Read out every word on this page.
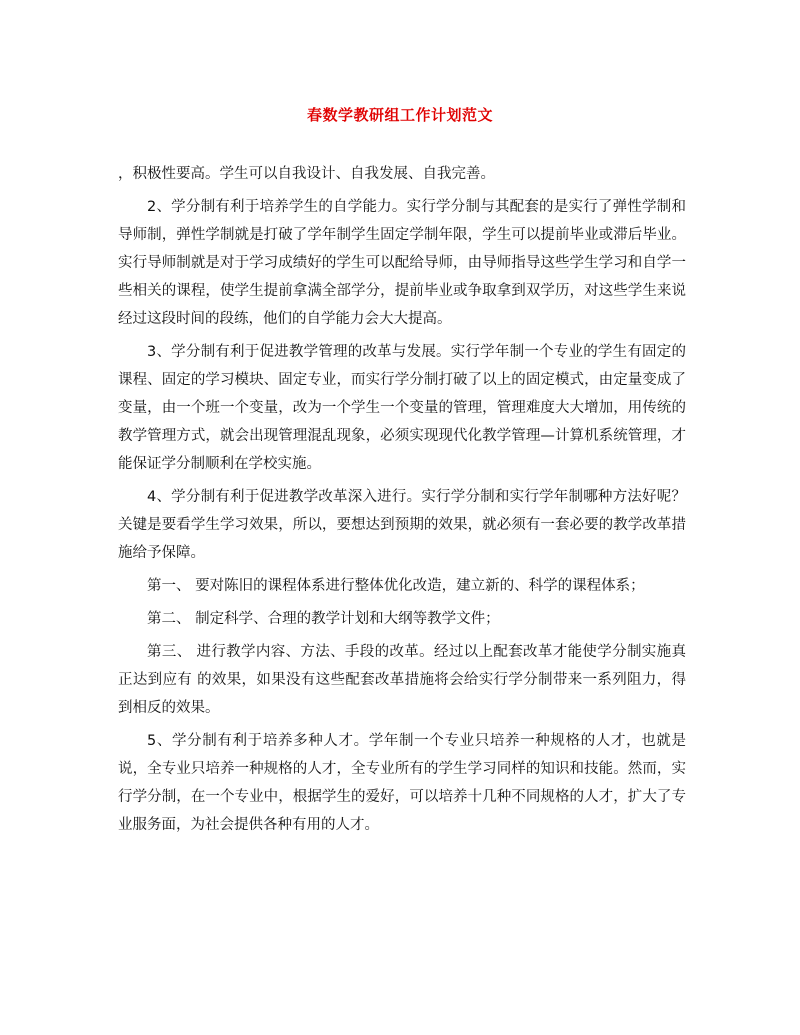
春数学教研组工作计划范文

，积极性要高。学生可以自我设计、自我发展、自我完善。

2、学分制有利于培养学生的自学能力。实行学分制与其配套的是实行了弹性学制和导师制，弹性学制就是打破了学年制学生固定学制年限，学生可以提前毕业或滞后毕业。实行导师制就是对于学习成绩好的学生可以配给导师，由导师指导这些学生学习和自学一些相关的课程，使学生提前拿满全部学分，提前毕业或争取拿到双学历，对这些学生来说经过这段时间的段练，他们的自学能力会大大提高。

3、学分制有利于促进教学管理的改革与发展。实行学年制一个专业的学生有固定的课程、固定的学习模块、固定专业，而实行学分制打破了以上的固定模式，由定量变成了变量，由一个班一个变量，改为一个学生一个变量的管理，管理难度大大增加，用传统的教学管理方式，就会出现管理混乱现象，必须实现现代化教学管理—计算机系统管理，才能保证学分制顺利在学校实施。

4、学分制有利于促进教学改革深入进行。实行学分制和实行学年制哪种方法好呢？关键是要看学生学习效果，所以，要想达到预期的效果，就必须有一套必要的教学改革措施给予保障。

第一、 要对陈旧的课程体系进行整体优化改造，建立新的、科学的课程体系；

第二、 制定科学、合理的教学计划和大纲等教学文件；

第三、 进行教学内容、方法、手段的改革。经过以上配套改革才能使学分制实施真正达到应有 的效果，如果没有这些配套改革措施将会给实行学分制带来一系列阻力，得到相反的效果。

5、学分制有利于培养多种人才。学年制一个专业只培养一种规格的人才，也就是说，全专业只培养一种规格的人才，全专业所有的学生学习同样的知识和技能。然而，实行学分制，在一个专业中，根据学生的爱好，可以培养十几种不同规格的人才，扩大了专业服务面，为社会提供各种有用的人才。
